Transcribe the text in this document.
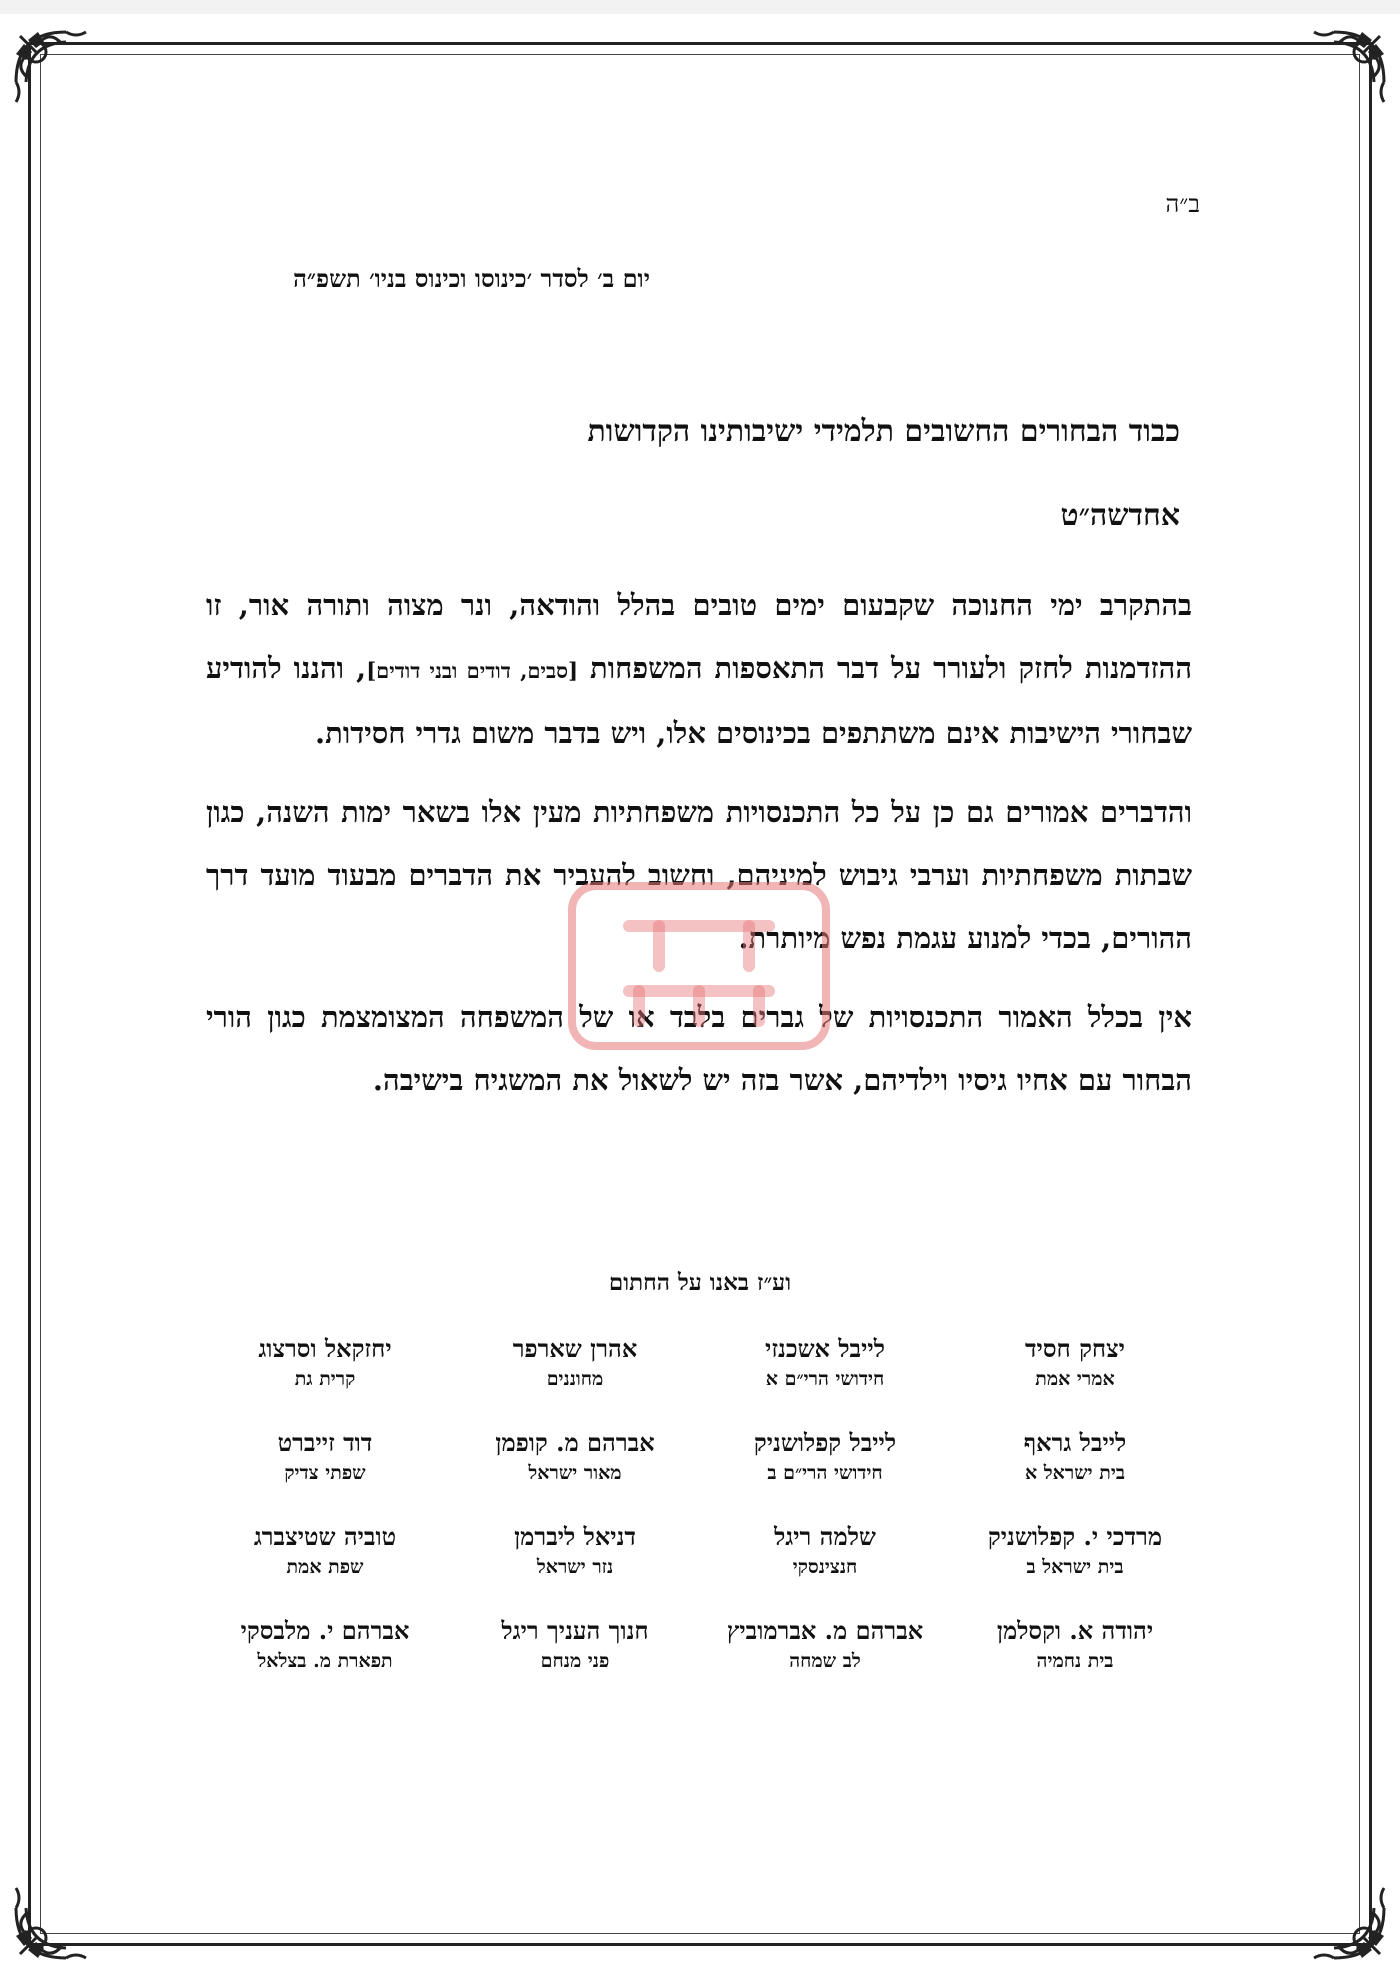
ב״ה
יום ב׳ לסדר ׳כינוסו וכינוס בניו׳ תשפ״ה
כבוד הבחורים החשובים תלמידי ישיבותינו הקדושות
אחדשה״ט

בהתקרב ימי החנוכה שקבעום ימים טובים בהלל והודאה, ונר מצוה ותורה אור, זו ההזדמנות לחזק ולעורר על דבר התאספות המשפחות [סבים, דודים ובני דודים], והננו להודיע שבחורי הישיבות אינם משתתפים בכינוסים אלו, ויש בדבר משום גדרי חסידות.

והדברים אמורים גם כן על כל התכנסויות משפחתיות מעין אלו בשאר ימות השנה, כגון שבתות משפחתיות וערבי גיבוש למיניהם, וחשוב להעביר את הדברים מבעוד מועד דרך ההורים, בכדי למנוע עגמת נפש מיותרת.

אין בכלל האמור התכנסויות של גברים בלבד או של המשפחה המצומצמת כגון הורי הבחור עם אחיו גיסיו וילדיהם, אשר בזה יש לשאול את המשגיח בישיבה.

וע״ז באנו על החתום
יצחק חסיד
אמרי אמת
לייבל אשכנזי
חידושי הרי״ם א
אהרן שארפר
מחוננים
יחזקאל וסרצוג
קרית גת
לייבל גראף
בית ישראל א
לייבל קפלושניק
חידושי הרי״ם ב
אברהם מ. קופמן
מאור ישראל
דוד זייברט
שפתי צדיק
מרדכי י. קפלושניק
בית ישראל ב
שלמה ריגל
חנצינסקי
דניאל ליברמן
נזר ישראל
טוביה שטיצברג
שפת אמת
יהודה א. וקסלמן
בית נחמיה
אברהם מ. אברמוביץ
לב שמחה
חנוך העניך ריגל
פני מנחם
אברהם י. מלבסקי
תפארת מ. בצלאל
